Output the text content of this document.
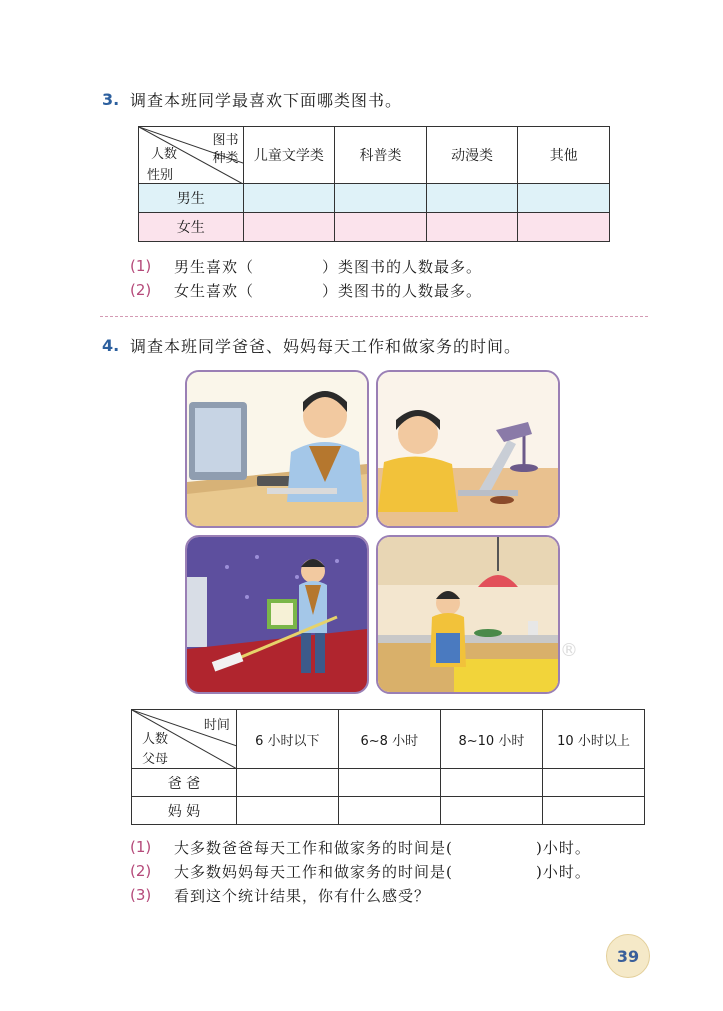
3. 调查本班同学最喜欢下面哪类图书。
图书
种类
人数
性别	儿童文学类	科普类	动漫类	其他
男生				
女生				
(1) 男生喜欢（	）类图书的人数最多。
(2) 女生喜欢（	）类图书的人数最多。
4. 调查本班同学爸爸、妈妈每天工作和做家务的时间。
®
时间
人数
父母	6 小时以下	6~8 小时	8~10 小时	10 小时以上
爸 爸				
妈 妈				
(1) 大多数爸爸每天工作和做家务的时间是(	)小时。
(2) 大多数妈妈每天工作和做家务的时间是(	)小时。
(3) 看到这个统计结果，你有什么感受？
39
